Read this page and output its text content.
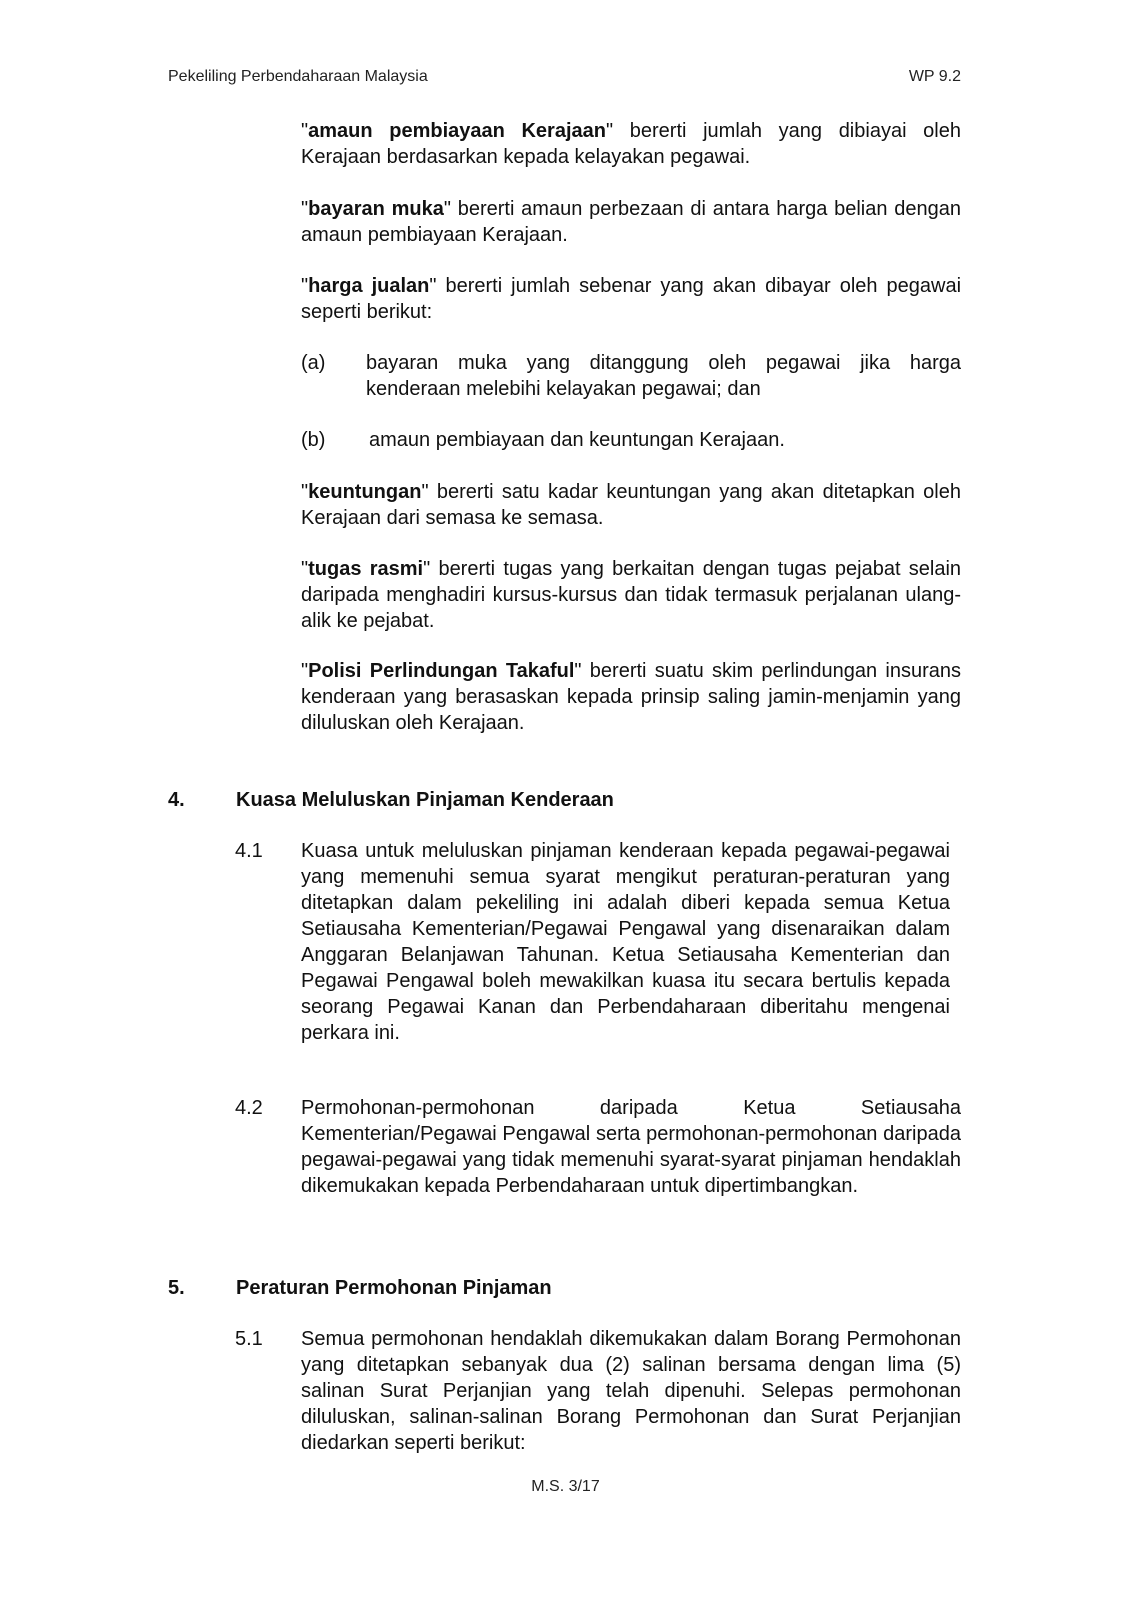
Pekeliling Perbendaharaan Malaysia	WP 9.2
"amaun pembiayaan Kerajaan" bererti jumlah yang dibiayai oleh Kerajaan berdasarkan kepada kelayakan pegawai.
"bayaran muka" bererti amaun perbezaan di antara harga belian dengan amaun pembiayaan Kerajaan.
"harga jualan" bererti jumlah sebenar yang akan dibayar oleh pegawai seperti berikut:
(a) bayaran muka yang ditanggung oleh pegawai jika harga kenderaan melebihi kelayakan pegawai; dan
(b) amaun pembiayaan dan keuntungan Kerajaan.
"keuntungan" bererti satu kadar keuntungan yang akan ditetapkan oleh Kerajaan dari semasa ke semasa.
"tugas rasmi" bererti tugas yang berkaitan dengan tugas pejabat selain daripada menghadiri kursus-kursus dan tidak termasuk perjalanan ulang-alik ke pejabat.
"Polisi Perlindungan Takaful" bererti suatu skim perlindungan insurans kenderaan yang berasaskan kepada prinsip saling jamin-menjamin yang diluluskan oleh Kerajaan.
4.	Kuasa Meluluskan Pinjaman Kenderaan
4.1 Kuasa untuk meluluskan pinjaman kenderaan kepada pegawai-pegawai yang memenuhi semua syarat mengikut peraturan-peraturan yang ditetapkan dalam pekeliling ini adalah diberi kepada semua Ketua Setiausaha Kementerian/Pegawai Pengawal yang disenaraikan dalam Anggaran Belanjawan Tahunan. Ketua Setiausaha Kementerian dan Pegawai Pengawal boleh mewakilkan kuasa itu secara bertulis kepada seorang Pegawai Kanan dan Perbendaharaan diberitahu mengenai perkara ini.
4.2 Permohonan-permohonan daripada Ketua Setiausaha Kementerian/Pegawai Pengawal serta permohonan-permohonan daripada pegawai-pegawai yang tidak memenuhi syarat-syarat pinjaman hendaklah dikemukakan kepada Perbendaharaan untuk dipertimbangkan.
5.	Peraturan Permohonan Pinjaman
5.1 Semua permohonan hendaklah dikemukakan dalam Borang Permohonan yang ditetapkan sebanyak dua (2) salinan bersama dengan lima (5) salinan Surat Perjanjian yang telah dipenuhi. Selepas permohonan diluluskan, salinan-salinan Borang Permohonan dan Surat Perjanjian diedarkan seperti berikut:
M.S. 3/17
